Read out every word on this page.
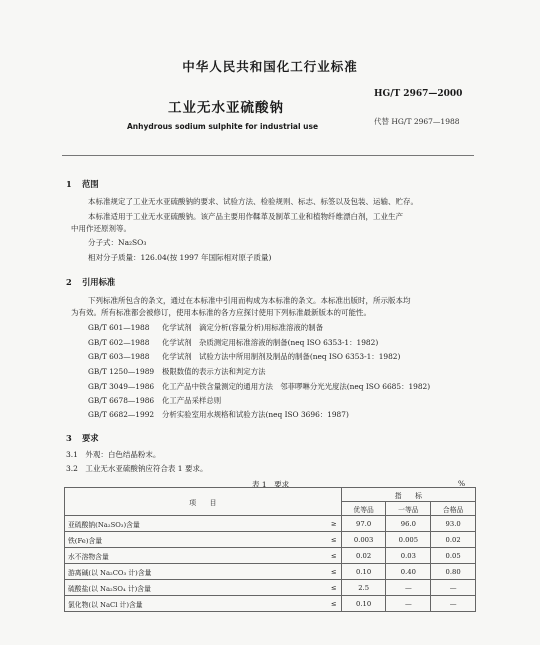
中华人民共和国化工行业标准
HG/T 2967—2000
工业无水亚硫酸钠
Anhydrous sodium sulphite for industrial use
代替 HG/T 2967—1988
1 范围
本标准规定了工业无水亚硫酸钠的要求、试验方法、检验规则、标志、标签以及包装、运输、贮存。
本标准适用于工业无水亚硫酸钠。该产品主要用作鞣革及制革工业和植物纤维漂白剂，工业生产
中用作还原剂等。
分子式：Na₂SO₃
相对分子质量：126.04(按 1997 年国际相对原子质量)
2 引用标准
下列标准所包含的条文，通过在本标准中引用而构成为本标准的条文。本标准出版时，所示版本均
为有效。所有标准都会被修订，使用本标准的各方应探讨使用下列标准最新版本的可能性。
GB/T 601—1988 化学试剂　滴定分析(容量分析)用标准溶液的制备
GB/T 602—1988 化学试剂　杂质测定用标准溶液的制备(neq ISO 6353-1：1982)
GB/T 603—1988 化学试剂　试验方法中所用制剂及制品的制备(neq ISO 6353-1：1982)
GB/T 1250—1989 极限数值的表示方法和判定方法
GB/T 3049—1986 化工产品中铁含量测定的通用方法　邻菲啰啉分光光度法(neq ISO 6685：1982)
GB/T 6678—1986 化工产品采样总则
GB/T 6682—1992 分析实验室用水规格和试验方法(neq ISO 3696：1987)
3 要求
3.1　外观：白色结晶粉末。
3.2　工业无水亚硫酸钠应符合表 1 要求。
表 1　要求	%
项　　目		指　　标		
		优等品	一等品	合格品
亚硫酸钠(Na₂SO₃)含量	≥	97.0	96.0	93.0
铁(Fe)含量	≤	0.003	0.005	0.02
水不溶物含量	≤	0.02	0.03	0.05
游离碱(以 Na₂CO₃ 计)含量	≤	0.10	0.40	0.80
硫酸盐(以 Na₂SO₄ 计)含量	≤	2.5	—	—
氯化物(以 NaCl 计)含量	≤	0.10	—	—
